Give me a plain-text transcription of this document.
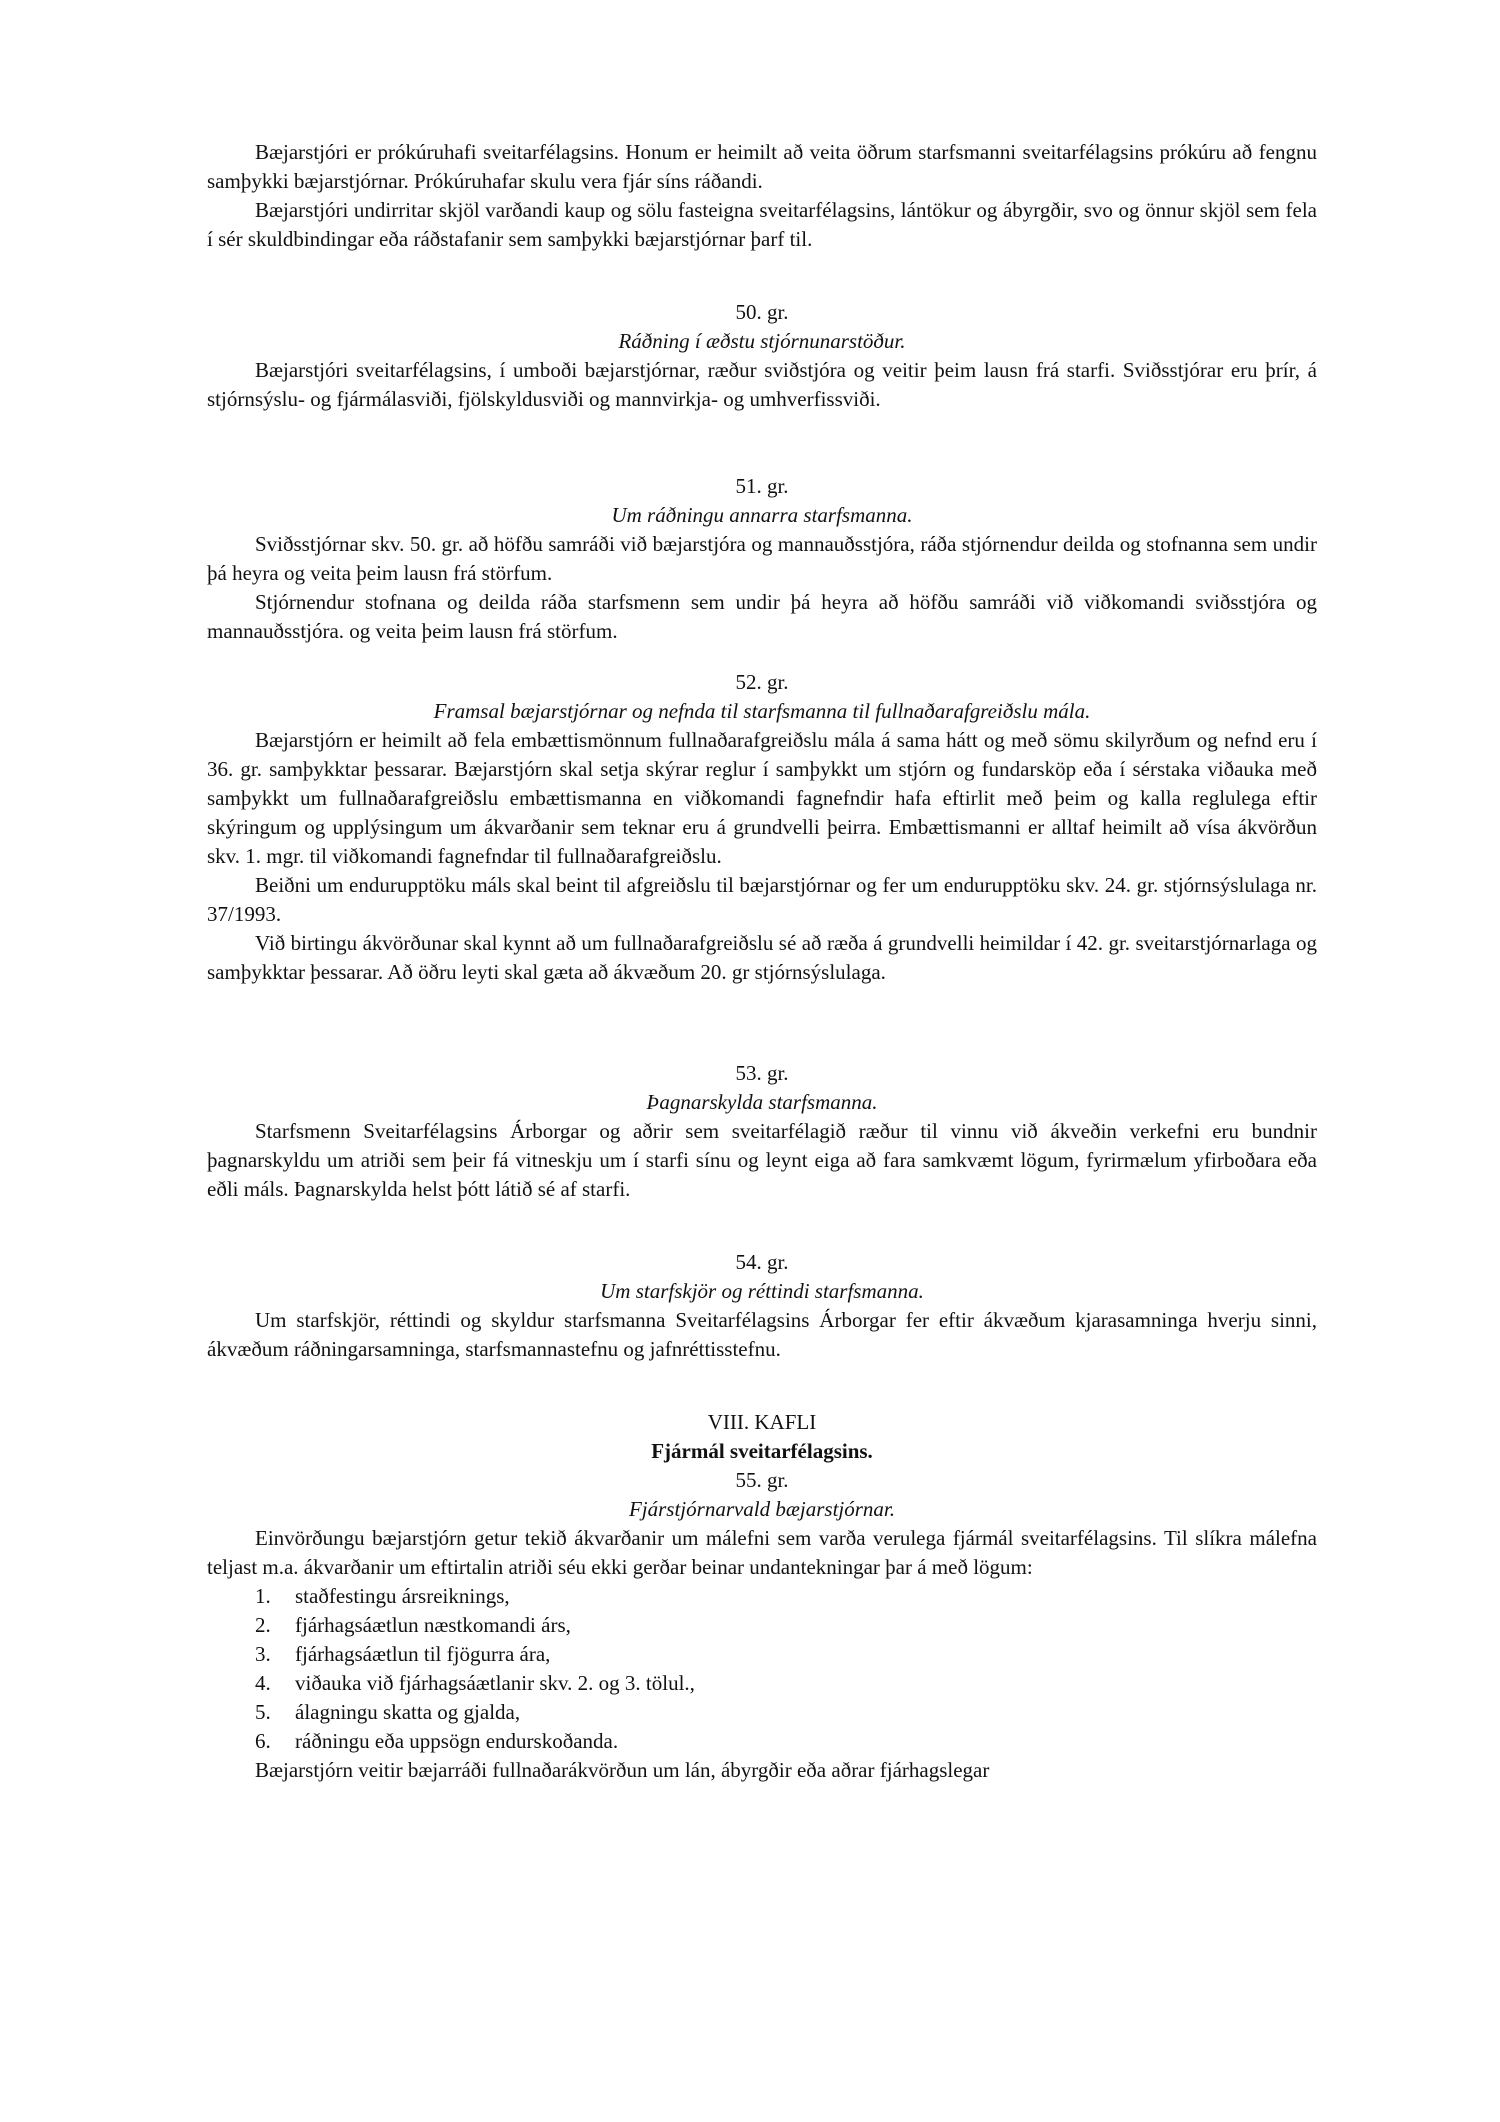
Bæjarstjóri er prókúruhafi sveitarfélagsins. Honum er heimilt að veita öðrum starfsmanni sveitarfélagsins prókúru að fengnu samþykki bæjarstjórnar. Prókúruhafar skulu vera fjár síns ráðandi.

Bæjarstjóri undirritar skjöl varðandi kaup og sölu fasteigna sveitarfélagsins, lántökur og ábyrgðir, svo og önnur skjöl sem fela í sér skuldbindingar eða ráðstafanir sem samþykki bæjarstjórnar þarf til.

50. gr.
Ráðning í æðstu stjórnunarstöður.

Bæjarstjóri sveitarfélagsins, í umboði bæjarstjórnar, ræður sviðstjóra og veitir þeim lausn frá starfi. Sviðsstjórar eru þrír, á stjórnsýslu- og fjármálasviði, fjölskyldusviði og mannvirkja- og umhverfissviði.

51. gr.
Um ráðningu annarra starfsmanna.

Sviðsstjórnar skv. 50. gr. að höfðu samráði við bæjarstjóra og mannauðsstjóra, ráða stjórnendur deilda og stofnanna sem undir þá heyra og veita þeim lausn frá störfum.

Stjórnendur stofnana og deilda ráða starfsmenn sem undir þá heyra að höfðu samráði við viðkomandi sviðsstjóra og mannauðsstjóra. og veita þeim lausn frá störfum.

52. gr.
Framsal bæjarstjórnar og nefnda til starfsmanna til fullnaðarafgreiðslu mála.

Bæjarstjórn er heimilt að fela embættismönnum fullnaðarafgreiðslu mála á sama hátt og með sömu skilyrðum og nefnd eru í 36. gr. samþykktar þessarar. Bæjarstjórn skal setja skýrar reglur í samþykkt um stjórn og fundarsköp eða í sérstaka viðauka með samþykkt um fullnaðarafgreiðslu embættismanna en viðkomandi fagnefndir hafa eftirlit með þeim og kalla reglulega eftir skýringum og upplýsingum um ákvarðanir sem teknar eru á grundvelli þeirra. Embættismanni er alltaf heimilt að vísa ákvörðun skv. 1. mgr. til viðkomandi fagnefndar til fullnaðarafgreiðslu.

Beiðni um endurupptöku máls skal beint til afgreiðslu til bæjarstjórnar og fer um endurupptöku skv. 24. gr. stjórnsýslulaga nr. 37/1993.

Við birtingu ákvörðunar skal kynnt að um fullnaðarafgreiðslu sé að ræða á grundvelli heimildar í 42. gr. sveitarstjórnarlaga og samþykktar þessarar. Að öðru leyti skal gæta að ákvæðum 20. gr stjórnsýslulaga.

53. gr.
Þagnarskylda starfsmanna.

Starfsmenn Sveitarfélagsins Árborgar og aðrir sem sveitarfélagið ræður til vinnu við ákveðin verkefni eru bundnir þagnarskyldu um atriði sem þeir fá vitneskju um í starfi sínu og leynt eiga að fara samkvæmt lögum, fyrirmælum yfirboðara eða eðli máls. Þagnarskylda helst þótt látið sé af starfi.

54. gr.
Um starfskjör og réttindi starfsmanna.

Um starfskjör, réttindi og skyldur starfsmanna Sveitarfélagsins Árborgar fer eftir ákvæðum kjarasamninga hverju sinni, ákvæðum ráðningarsamninga, starfsmannastefnu og jafnréttisstefnu.

VIII. KAFLI
Fjármál sveitarfélagsins.
55. gr.
Fjárstjórnarvald bæjarstjórnar.

Einvörðungu bæjarstjórn getur tekið ákvarðanir um málefni sem varða verulega fjármál sveitarfélagsins. Til slíkra málefna teljast m.a. ákvarðanir um eftirtalin atriði séu ekki gerðar beinar undantekningar þar á með lögum:

1.	staðfestingu ársreiknings,
2.	fjárhagsáætlun næstkomandi árs,
3.	fjárhagsáætlun til fjögurra ára,
4.	viðauka við fjárhagsáætlanir skv. 2. og 3. tölul.,
5.	álagningu skatta og gjalda,
6.	ráðningu eða uppsögn endurskoðanda.

Bæjarstjórn veitir bæjarráði fullnaðarákvörðun um lán, ábyrgðir eða aðrar fjárhagslegar
